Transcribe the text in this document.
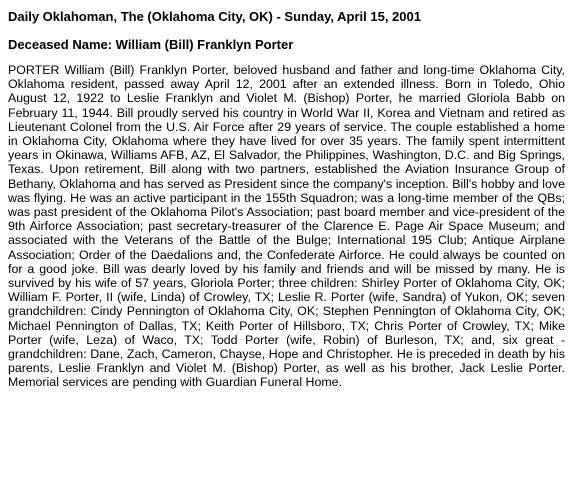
Daily Oklahoman, The (Oklahoma City, OK) - Sunday, April 15, 2001
Deceased Name: William (Bill) Franklyn Porter

PORTER William (Bill) Franklyn Porter, beloved husband and father and long-time Oklahoma City, Oklahoma resident, passed away April 12, 2001 after an extended illness. Born in Toledo, Ohio August 12, 1922 to Leslie Franklyn and Violet M. (Bishop) Porter, he married Gloriola Babb on February 11, 1944. Bill proudly served his country in World War II, Korea and Vietnam and retired as Lieutenant Colonel from the U.S. Air Force after 29 years of service. The couple established a home in Oklahoma City, Oklahoma where they have lived for over 35 years. The family spent intermittent years in Okinawa, Williams AFB, AZ, El Salvador, the Philippines, Washington, D.C. and Big Springs, Texas. Upon retirement, Bill along with two partners, established the Aviation Insurance Group of Bethany, Oklahoma and has served as President since the company's inception. Bill's hobby and love was flying. He was an active participant in the 155th Squadron; was a long-time member of the QBs; was past president of the Oklahoma Pilot's Association; past board member and vice-president of the 9th Airforce Association; past secretary-treasurer of the Clarence E. Page Air Space Museum; and associated with the Veterans of the Battle of the Bulge; International 195 Club; Antique Airplane Association; Order of the Daedalions and, the Confederate Airforce. He could always be counted on for a good joke. Bill was dearly loved by his family and friends and will be missed by many. He is survived by his wife of 57 years, Gloriola Porter; three children: Shirley Porter of Oklahoma City, OK; William F. Porter, II (wife, Linda) of Crowley, TX; Leslie R. Porter (wife, Sandra) of Yukon, OK; seven grandchildren: Cindy Pennington of Oklahoma City, OK; Stephen Pennington of Oklahoma City, OK; Michael Pennington of Dallas, TX; Keith Porter of Hillsboro, TX; Chris Porter of Crowley, TX; Mike Porter (wife, Leza) of Waco, TX; Todd Porter (wife, Robin) of Burleson, TX; and, six great -grandchildren: Dane, Zach, Cameron, Chayse, Hope and Christopher. He is preceded in death by his parents, Leslie Franklyn and Violet M. (Bishop) Porter, as well as his brother, Jack Leslie Porter. Memorial services are pending with Guardian Funeral Home.
